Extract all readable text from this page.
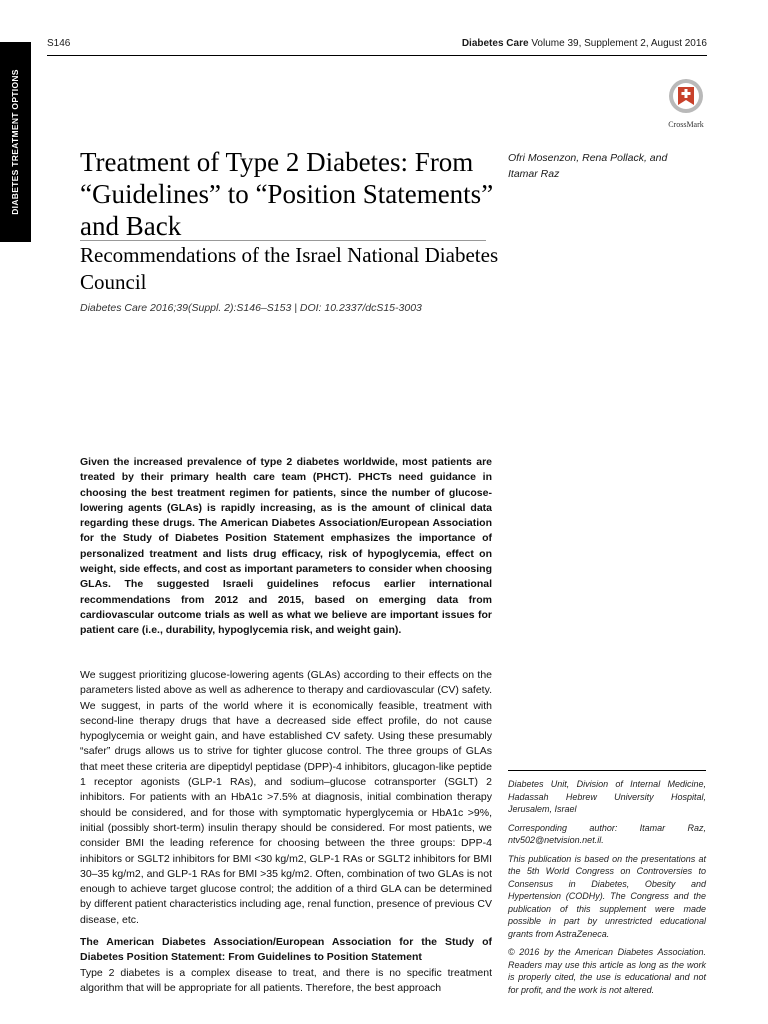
DIABETES TREATMENT OPTIONS
S146	Diabetes Care Volume 39, Supplement 2, August 2016
CrossMark
Treatment of Type 2 Diabetes: From “Guidelines” to “Position Statements” and Back
Recommendations of the Israel National Diabetes Council
Diabetes Care 2016;39(Suppl. 2):S146–S153 | DOI: 10.2337/dcS15-3003
Ofri Mosenzon, Rena Pollack, and Itamar Raz
Given the increased prevalence of type 2 diabetes worldwide, most patients are treated by their primary health care team (PHCT). PHCTs need guidance in choosing the best treatment regimen for patients, since the number of glucose-lowering agents (GLAs) is rapidly increasing, as is the amount of clinical data regarding these drugs. The American Diabetes Association/European Association for the Study of Diabetes Position Statement emphasizes the importance of personalized treatment and lists drug efficacy, risk of hypoglycemia, effect on weight, side effects, and cost as important parameters to consider when choosing GLAs. The suggested Israeli guidelines refocus earlier international recommendations from 2012 and 2015, based on emerging data from cardiovascular outcome trials as well as what we believe are important issues for patient care (i.e., durability, hypoglycemia risk, and weight gain).

We suggest prioritizing glucose-lowering agents (GLAs) according to their effects on the parameters listed above as well as adherence to therapy and cardiovascular (CV) safety. We suggest, in parts of the world where it is economically feasible, treatment with second-line therapy drugs that have a decreased side effect profile, do not cause hypoglycemia or weight gain, and have established CV safety. Using these presumably “safer” drugs allows us to strive for tighter glucose control. The three groups of GLAs that meet these criteria are dipeptidyl peptidase (DPP)-4 inhibitors, glucagon-like peptide 1 receptor agonists (GLP-1 RAs), and sodium–glucose cotransporter (SGLT) 2 inhibitors. For patients with an HbA1c >7.5% at diagnosis, initial combination therapy should be considered, and for those with symptomatic hyperglycemia or HbA1c >9%, initial (possibly short-term) insulin therapy should be considered. For most patients, we consider BMI the leading reference for choosing between the three groups: DPP-4 inhibitors or SGLT2 inhibitors for BMI <30 kg/m2, GLP-1 RAs or SGLT2 inhibitors for BMI 30–35 kg/m2, and GLP-1 RAs for BMI >35 kg/m2. Often, combination of two GLAs is not enough to achieve target glucose control; the addition of a third GLA can be determined by different patient characteristics including age, renal function, presence of previous CV disease, etc.

The American Diabetes Association/European Association for the Study of Diabetes Position Statement: From Guidelines to Position Statement

Type 2 diabetes is a complex disease to treat, and there is no specific treatment algorithm that will be appropriate for all patients. Therefore, the best approach

Diabetes Unit, Division of Internal Medicine, Hadassah Hebrew University Hospital, Jerusalem, Israel

Corresponding author: Itamar Raz, ntv502@netvision.net.il.

This publication is based on the presentations at the 5th World Congress on Controversies to Consensus in Diabetes, Obesity and Hypertension (CODHy). The Congress and the publication of this supplement were made possible in part by unrestricted educational grants from AstraZeneca.

© 2016 by the American Diabetes Association. Readers may use this article as long as the work is properly cited, the use is educational and not for profit, and the work is not altered.
